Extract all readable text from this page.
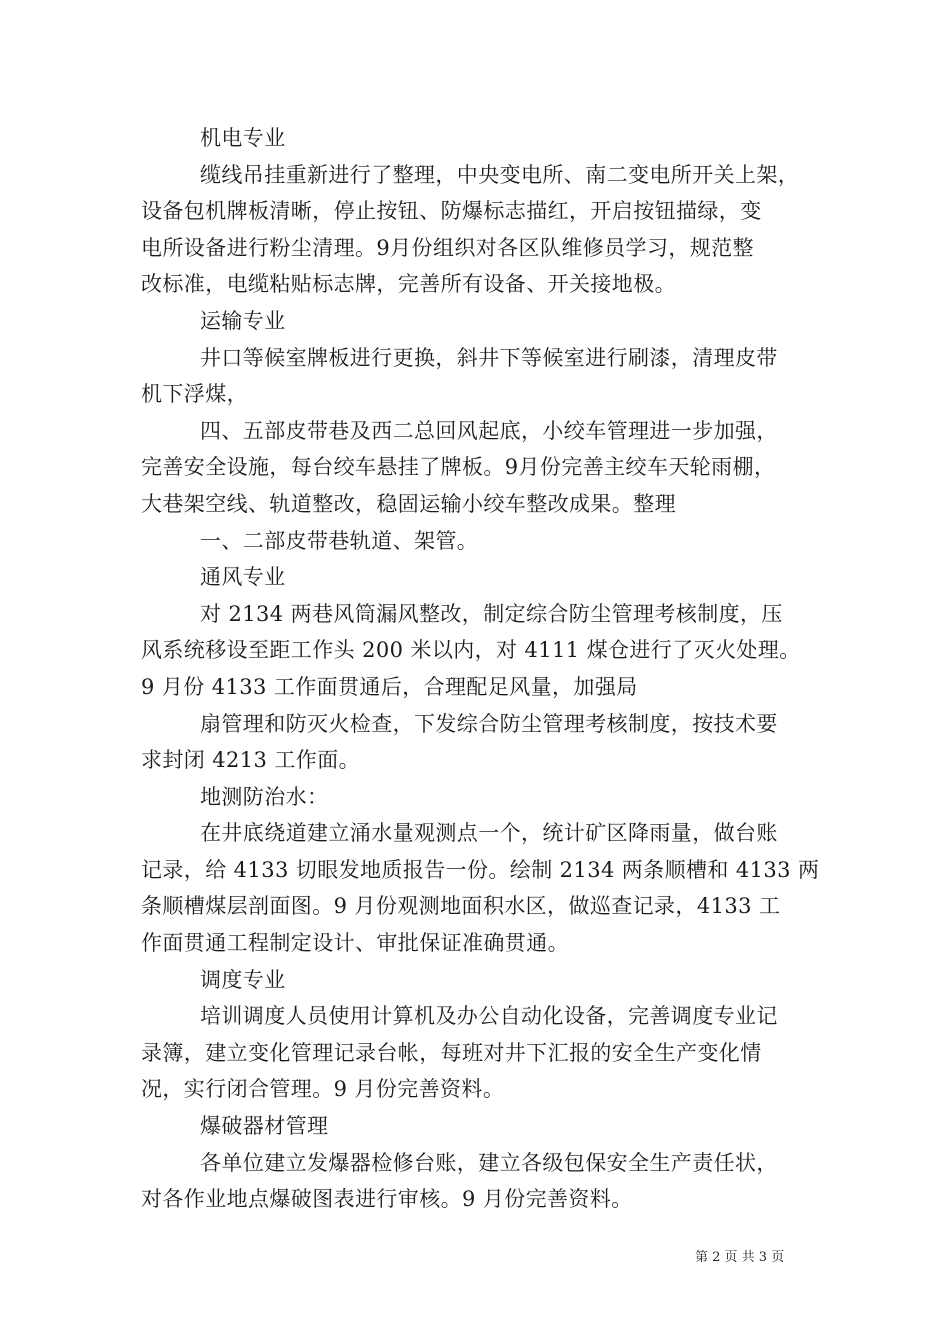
机电专业
缆线吊挂重新进行了整理，中央变电所、南二变电所开关上架，
设备包机牌板清晰，停止按钮、防爆标志描红，开启按钮描绿，变
电所设备进行粉尘清理。9月份组织对各区队维修员学习，规范整
改标准，电缆粘贴标志牌，完善所有设备、开关接地极。
运输专业
井口等候室牌板进行更换，斜井下等候室进行刷漆，清理皮带
机下浮煤，
四、五部皮带巷及西二总回风起底，小绞车管理进一步加强，
完善安全设施，每台绞车悬挂了牌板。9月份完善主绞车天轮雨棚，
大巷架空线、轨道整改，稳固运输小绞车整改成果。整理
一、二部皮带巷轨道、架管。
通风专业
对 2134 两巷风筒漏风整改，制定综合防尘管理考核制度，压
风系统移设至距工作头 200 米以内，对 4111 煤仓进行了灭火处理。
9 月份 4133 工作面贯通后，合理配足风量，加强局
扇管理和防灭火检查，下发综合防尘管理考核制度，按技术要
求封闭 4213 工作面。
地测防治水：
在井底绕道建立涌水量观测点一个，统计矿区降雨量，做台账
记录，给 4133 切眼发地质报告一份。绘制 2134 两条顺槽和 4133 两
条顺槽煤层剖面图。9 月份观测地面积水区，做巡查记录，4133 工
作面贯通工程制定设计、审批保证准确贯通。
调度专业
培训调度人员使用计算机及办公自动化设备，完善调度专业记
录簿，建立变化管理记录台帐，每班对井下汇报的安全生产变化情
况，实行闭合管理。9 月份完善资料。
爆破器材管理
各单位建立发爆器检修台账，建立各级包保安全生产责任状，
对各作业地点爆破图表进行审核。9 月份完善资料。
第 2 页 共 3 页
